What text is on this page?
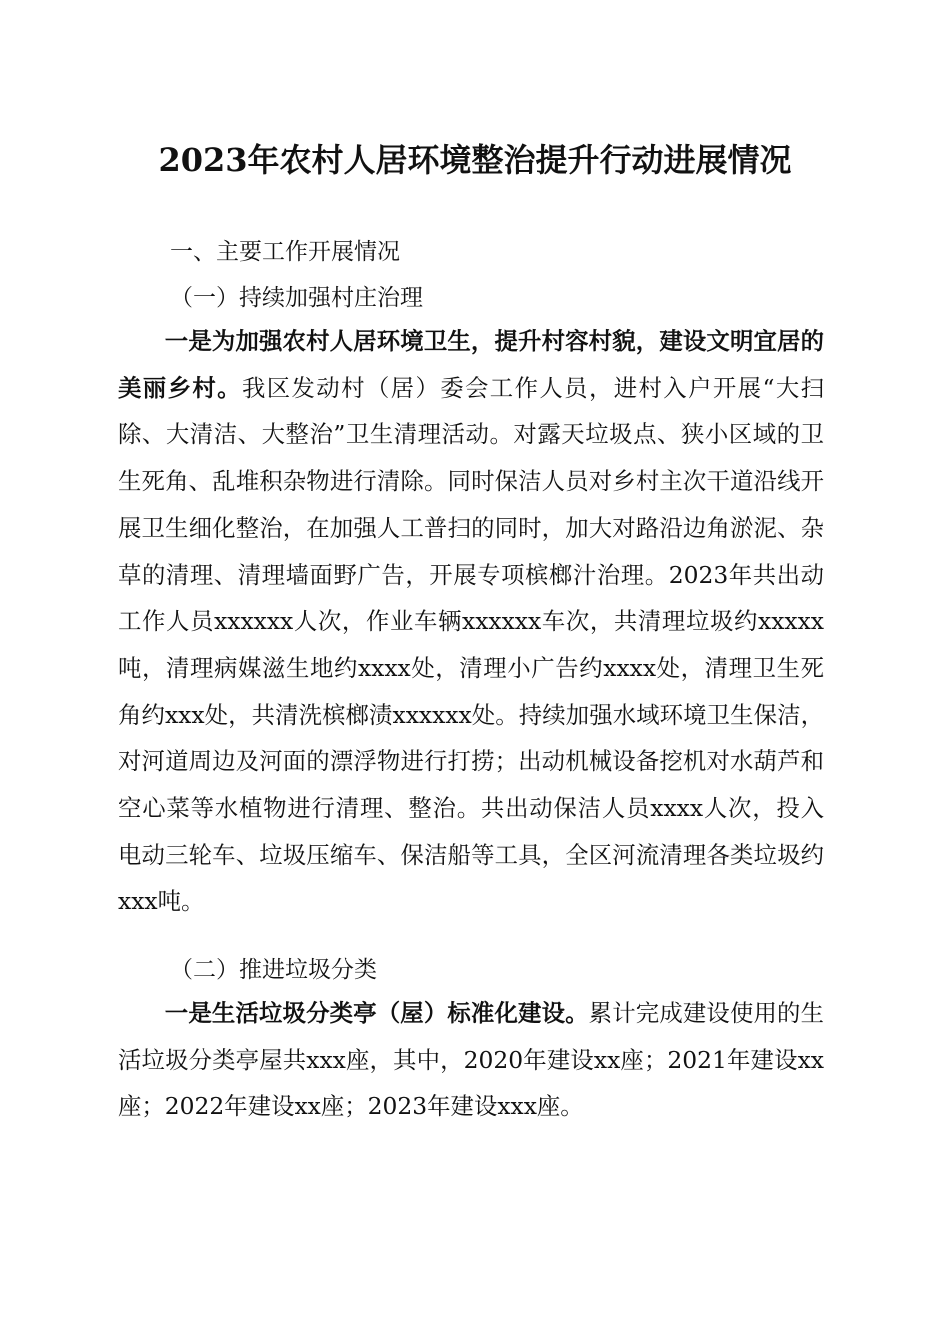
2023年农村人居环境整治提升行动进展情况
一、主要工作开展情况
（一）持续加强村庄治理

一是为加强农村人居环境卫生，提升村容村貌，建设文明宜居的美丽乡村。我区发动村（居）委会工作人员，进村入户开展“大扫除、大清洁、大整治”卫生清理活动。对露天垃圾点、狭小区域的卫生死角、乱堆积杂物进行清除。同时保洁人员对乡村主次干道沿线开展卫生细化整治，在加强人工普扫的同时，加大对路沿边角淤泥、杂草的清理、清理墙面野广告，开展专项槟榔汁治理。2023年共出动工作人员xxxxxx人次，作业车辆xxxxxx车次，共清理垃圾约xxxxx吨，清理病媒滋生地约xxxx处，清理小广告约xxxx处，清理卫生死角约xxx处，共清洗槟榔渍xxxxxx处。持续加强水域环境卫生保洁，对河道周边及河面的漂浮物进行打捞；出动机械设备挖机对水葫芦和空心菜等水植物进行清理、整治。共出动保洁人员xxxx人次，投入电动三轮车、垃圾压缩车、保洁船等工具，全区河流清理各类垃圾约xxx吨。

（二）推进垃圾分类

一是生活垃圾分类亭（屋）标准化建设。累计完成建设使用的生活垃圾分类亭屋共xxx座，其中，2020年建设xx座；2021年建设xx座；2022年建设xx座；2023年建设xxx座。
